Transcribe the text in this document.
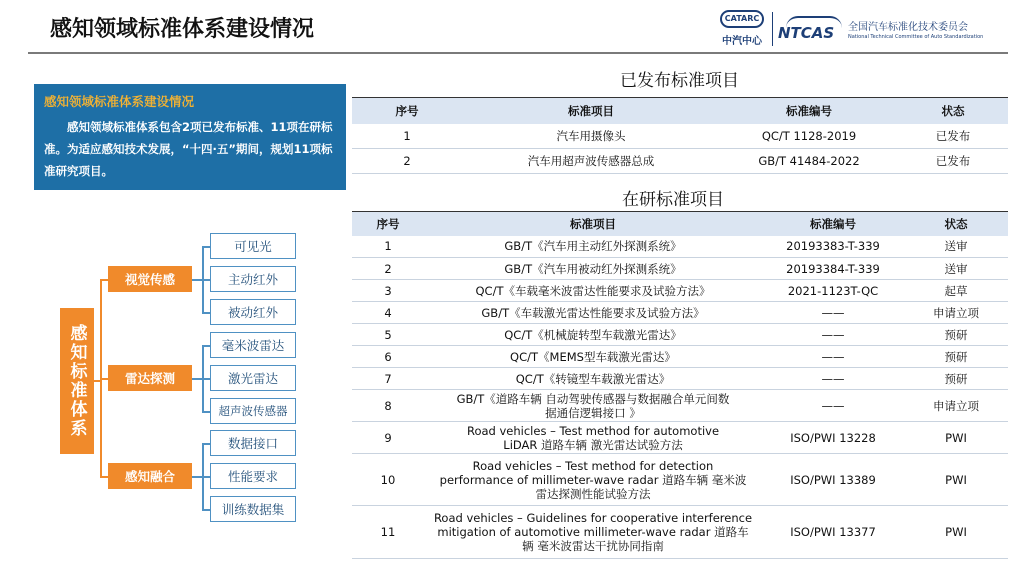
感知领域标准体系建设情况	CATARC
中汽中心	NTCAS	全国汽车标准化技术委员会
National Technical Committee of Auto Standardization
感知领域标准体系建设情况
感知领域标准体系包含2项已发布标准、11项在研标准。为适应感知技术发展，“十四·五”期间，规划11项标准研究项目。
感知标准体系
视觉传感
雷达探测
感知融合
可见光
主动红外
被动红外
毫米波雷达
激光雷达
超声波传感器
数据接口
性能要求
训练数据集
已发布标准项目
序号	标准项目	标准编号	状态
1	汽车用摄像头	QC/T 1128-2019	已发布
2	汽车用超声波传感器总成	GB/T 41484-2022	已发布
在研标准项目
序号	标准项目	标准编号	状态
1	GB/T《汽车用主动红外探测系统》	20193383-T-339	送审
2	GB/T《汽车用被动红外探测系统》	20193384-T-339	送审
3	QC/T《车载毫米波雷达性能要求及试验方法》	2021-1123T-QC	起草
4	GB/T《车载激光雷达性能要求及试验方法》	——	申请立项
5	QC/T《机械旋转型车载激光雷达》	——	预研
6	QC/T《MEMS型车载激光雷达》	——	预研
7	QC/T《转镜型车载激光雷达》	——	预研
8	GB/T《道路车辆 自动驾驶传感器与数据融合单元间数据通信逻辑接口 》	——	申请立项
9	Road vehicles – Test method for automotive LiDAR 道路车辆 激光雷达试验方法	ISO/PWI 13228	PWI
10	Road vehicles – Test method for detection performance of millimeter-wave radar 道路车辆 毫米波雷达探测性能试验方法	ISO/PWI 13389	PWI
11	Road vehicles – Guidelines for cooperative interference mitigation of automotive millimeter-wave radar 道路车辆 毫米波雷达干扰协同指南	ISO/PWI 13377	PWI
